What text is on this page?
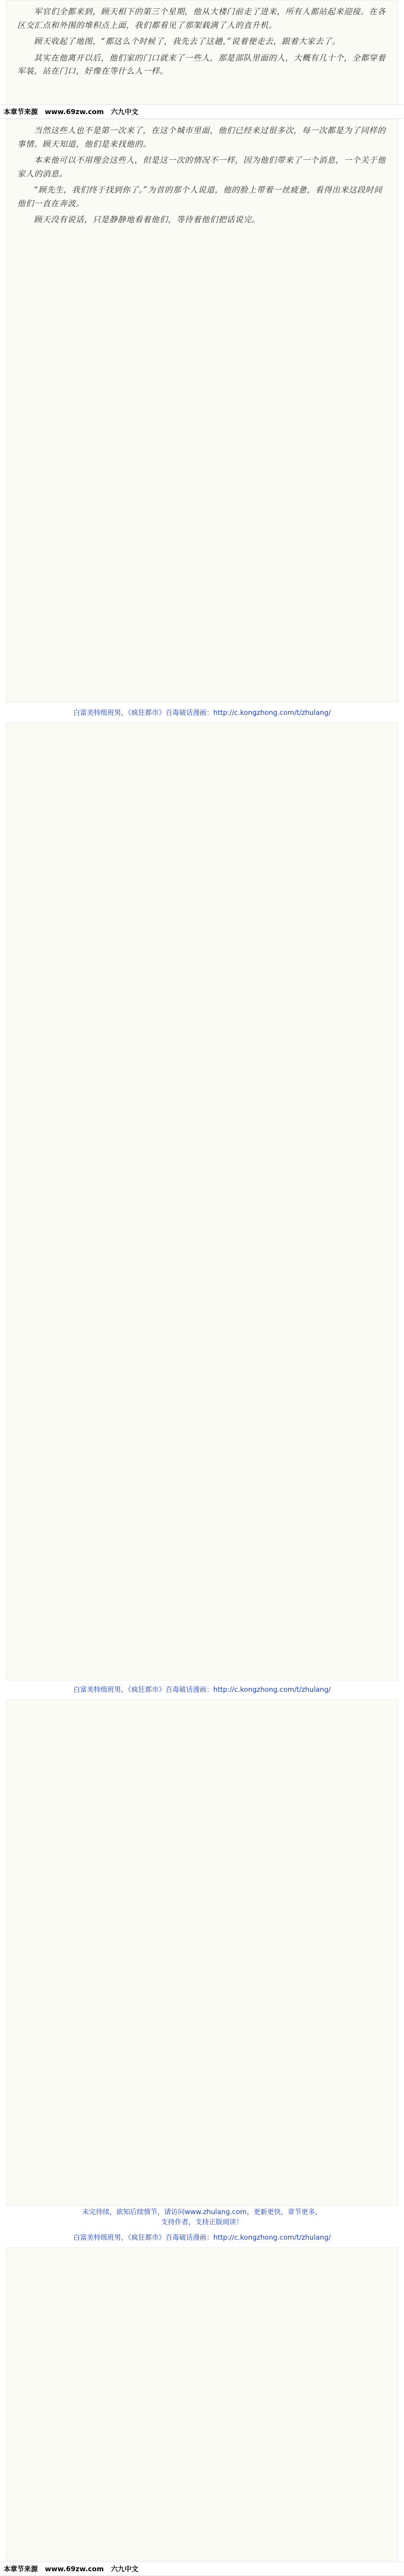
军官们全都来到，顾天相下的第三个星期，他从大楼门前走了进来，所有人都站起来迎接。在各区交汇点和外围的堆积点上面，我们都看见了那架载满了人的直升机。

顾天收起了地图，“都这么个时候了，我先去了这趟，”说着便走去，跟着大家去了。

其实在他离开以后，他们家的门口就来了一些人，那是部队里面的人，大概有几十个，全都穿着军装，站在门口，好像在等什么人一样。

本章节来源 www.69zw.com 六九中文

当然这些人也不是第一次来了，在这个城市里面，他们已经来过很多次，每一次都是为了同样的事情。顾天知道，他们是来找他的。

本来他可以不用理会这些人，但是这一次的情况不一样，因为他们带来了一个消息，一个关于他家人的消息。

“顾先生，我们终于找到你了。”为首的那个人说道，他的脸上带着一丝疲惫，看得出来这段时间他们一直在奔波。

顾天没有说话，只是静静地看着他们，等待着他们把话说完。

白富美特级班男，《疯狂都市》百毒破话漫画：http://c.kongzhong.com/t/zhulang/
白富美特级班男，《疯狂都市》百毒破话漫画：http://c.kongzhong.com/t/zhulang/
未完待续，欲知后续情节，请访问www.zhulang.com，更新更快，章节更多，
支持作者，支持正版阅读！
白富美特级班男，《疯狂都市》百毒破话漫画：http://c.kongzhong.com/t/zhulang/
本章节来源 www.69zw.com 六九中文
